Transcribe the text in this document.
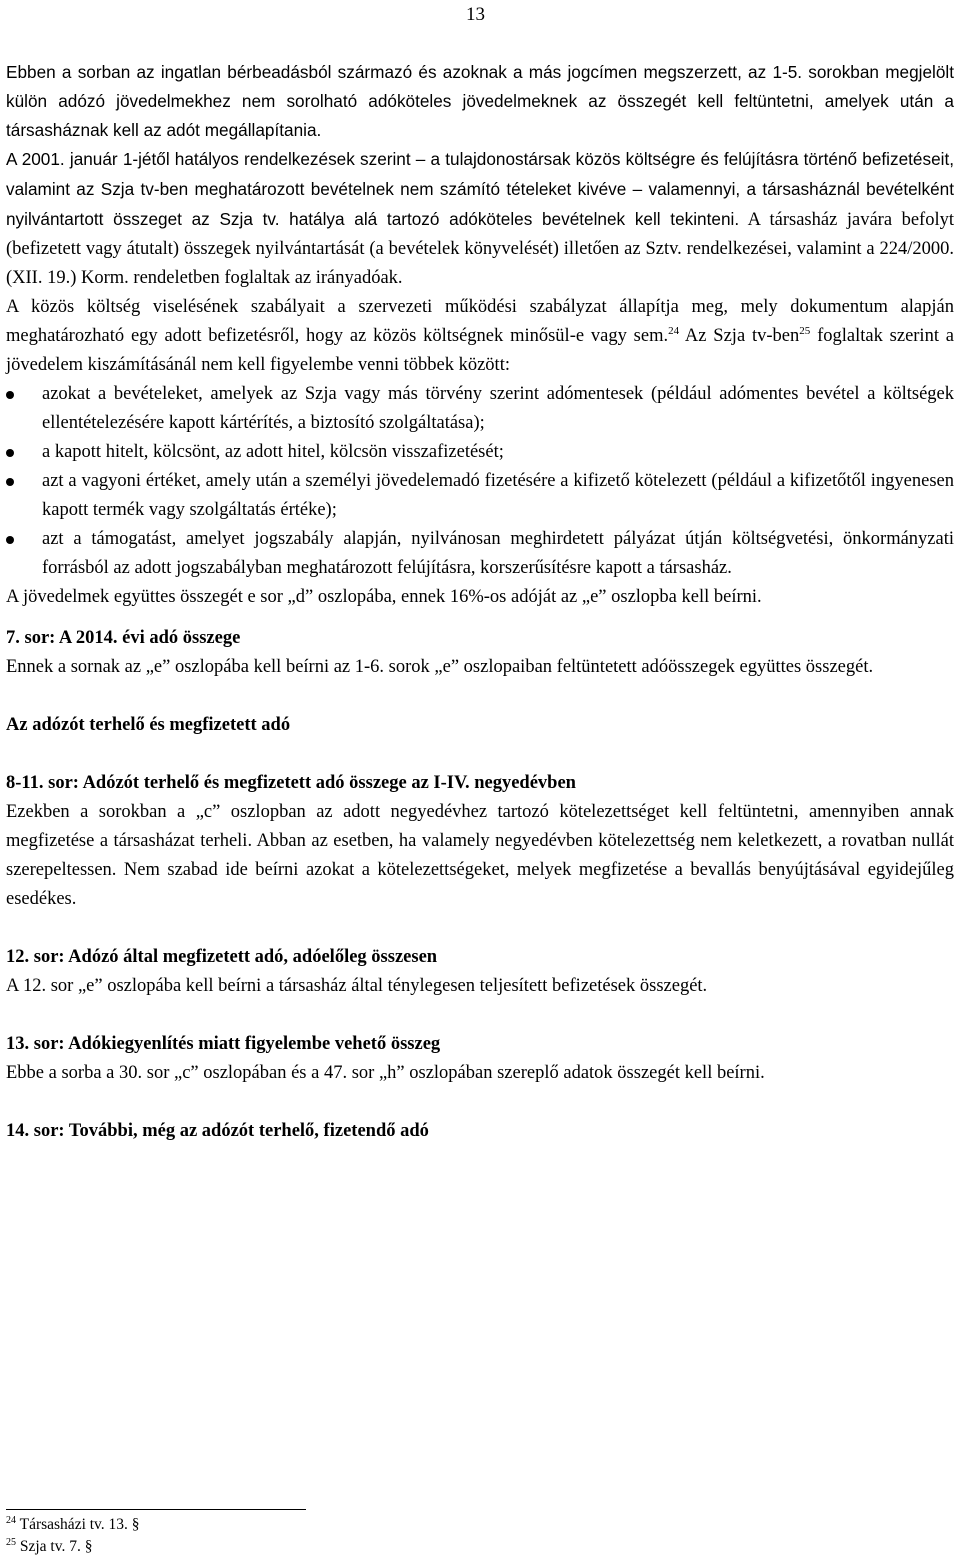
13

Ebben a sorban az ingatlan bérbeadásból származó és azoknak a más jogcímen megszerzett, az 1-5. sorokban megjelölt külön adózó jövedelmekhez nem sorolható adóköteles jövedelmeknek az összegét kell feltüntetni, amelyek után a társasháznak kell az adót megállapítania.

A 2001. január 1-jétől hatályos rendelkezések szerint – a tulajdonostársak közös költségre és felújításra történő befizetéseit, valamint az Szja tv-ben meghatározott bevételnek nem számító tételeket kivéve – valamennyi, a társasháznál bevételként nyilvántartott összeget az Szja tv. hatálya alá tartozó adóköteles bevételnek kell tekinteni. A társasház javára befolyt (befizetett vagy átutalt) összegek nyilvántartását (a bevételek könyvelését) illetően az Sztv. rendelkezései, valamint a 224/2000. (XII. 19.) Korm. rendeletben foglaltak az irányadóak.

A közös költség viselésének szabályait a szervezeti működési szabályzat állapítja meg, mely dokumentum alapján meghatározható egy adott befizetésről, hogy az közös költségnek minősül-e vagy sem.$^{24}$ Az Szja tv-ben$^{25}$ foglaltak szerint a jövedelem kiszámításánál nem kell figyelembe venni többek között:

azokat a bevételeket, amelyek az Szja vagy más törvény szerint adómentesek (például adómentes bevétel a költségek ellentételezésére kapott kártérítés, a biztosító szolgáltatása);
a kapott hitelt, kölcsönt, az adott hitel, kölcsön visszafizetését;
azt a vagyoni értéket, amely után a személyi jövedelemadó fizetésére a kifizető kötelezett (például a kifizetőtől ingyenesen kapott termék vagy szolgáltatás értéke);
azt a támogatást, amelyet jogszabály alapján, nyilvánosan meghirdetett pályázat útján költségvetési, önkormányzati forrásból az adott jogszabályban meghatározott felújításra, korszerűsítésre kapott a társasház.

A jövedelmek együttes összegét e sor „d” oszlopába, ennek 16%-os adóját az „e” oszlopba kell beírni.

7. sor: A 2014. évi adó összege

Ennek a sornak az „e” oszlopába kell beírni az 1-6. sorok „e” oszlopaiban feltüntetett adóösszegek együttes összegét.

Az adózót terhelő és megfizetett adó
8-11. sor: Adózót terhelő és megfizetett adó összege az I-IV. negyedévben

Ezekben a sorokban a „c” oszlopban az adott negyedévhez tartozó kötelezettséget kell feltüntetni, amennyiben annak megfizetése a társasházat terheli. Abban az esetben, ha valamely negyedévben kötelezettség nem keletkezett, a rovatban nullát szerepeltessen. Nem szabad ide beírni azokat a kötelezettségeket, melyek megfizetése a bevallás benyújtásával egyidejűleg esedékes.

12. sor: Adózó által megfizetett adó, adóelőleg összesen

A 12. sor „e” oszlopába kell beírni a társasház által ténylegesen teljesített befizetések összegét.

13. sor: Adókiegyenlítés miatt figyelembe vehető összeg

Ebbe a sorba a 30. sor „c” oszlopában és a 47. sor „h” oszlopában szereplő adatok összegét kell beírni.

14. sor: További, még az adózót terhelő, fizetendő adó
$^{24}$ Társasházi tv. 13. §
$^{25}$ Szja tv. 7. §
